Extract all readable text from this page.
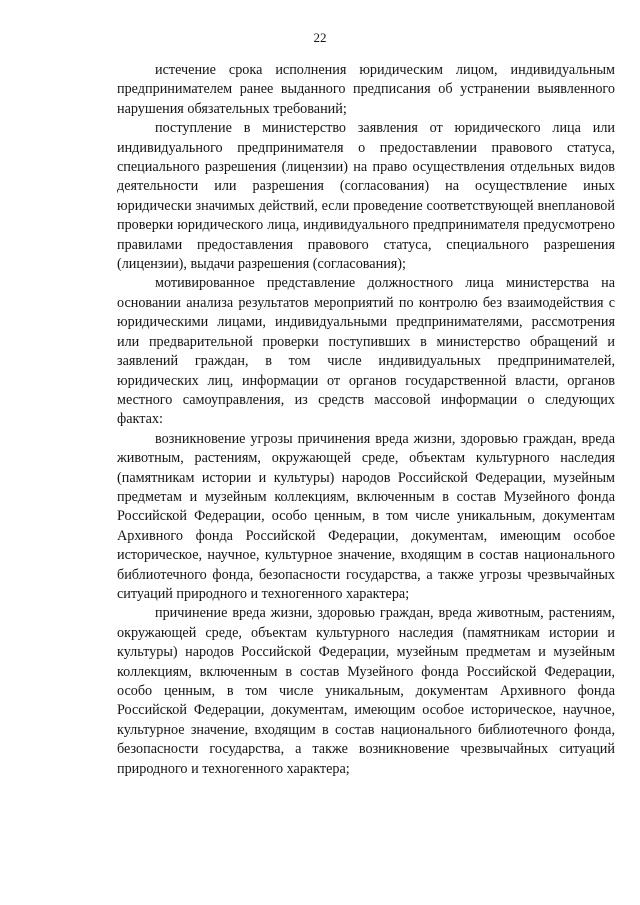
22

истечение срока исполнения юридическим лицом, индивидуальным предпринимателем ранее выданного предписания об устранении выявленного нарушения обязательных требований;

поступление в министерство заявления от юридического лица или индивидуального предпринимателя о предоставлении правового статуса, специального разрешения (лицензии) на право осуществления отдельных видов деятельности или разрешения (согласования) на осуществление иных юридически значимых действий, если проведение соответствующей внеплановой проверки юридического лица, индивидуального предпринимателя предусмотрено правилами предоставления правового статуса, специального разрешения (лицензии), выдачи разрешения (согласования);

мотивированное представление должностного лица министерства на основании анализа результатов мероприятий по контролю без взаимодействия с юридическими лицами, индивидуальными предпринимателями, рассмотрения или предварительной проверки поступивших в министерство обращений и заявлений граждан, в том числе индивидуальных предпринимателей, юридических лиц, информации от органов государственной власти, органов местного самоуправления, из средств массовой информации о следующих фактах:

возникновение угрозы причинения вреда жизни, здоровью граждан, вреда животным, растениям, окружающей среде, объектам культурного наследия (памятникам истории и культуры) народов Российской Федерации, музейным предметам и музейным коллекциям, включенным в состав Музейного фонда Российской Федерации, особо ценным, в том числе уникальным, документам Архивного фонда Российской Федерации, документам, имеющим особое историческое, научное, культурное значение, входящим в состав национального библиотечного фонда, безопасности государства, а также угрозы чрезвычайных ситуаций природного и техногенного характера;

причинение вреда жизни, здоровью граждан, вреда животным, растениям, окружающей среде, объектам культурного наследия (памятникам истории и культуры) народов Российской Федерации, музейным предметам и музейным коллекциям, включенным в состав Музейного фонда Российской Федерации, особо ценным, в том числе уникальным, документам Архивного фонда Российской Федерации, документам, имеющим особое историческое, научное, культурное значение, входящим в состав национального библиотечного фонда, безопасности государства, а также возникновение чрезвычайных ситуаций природного и техногенного характера;
